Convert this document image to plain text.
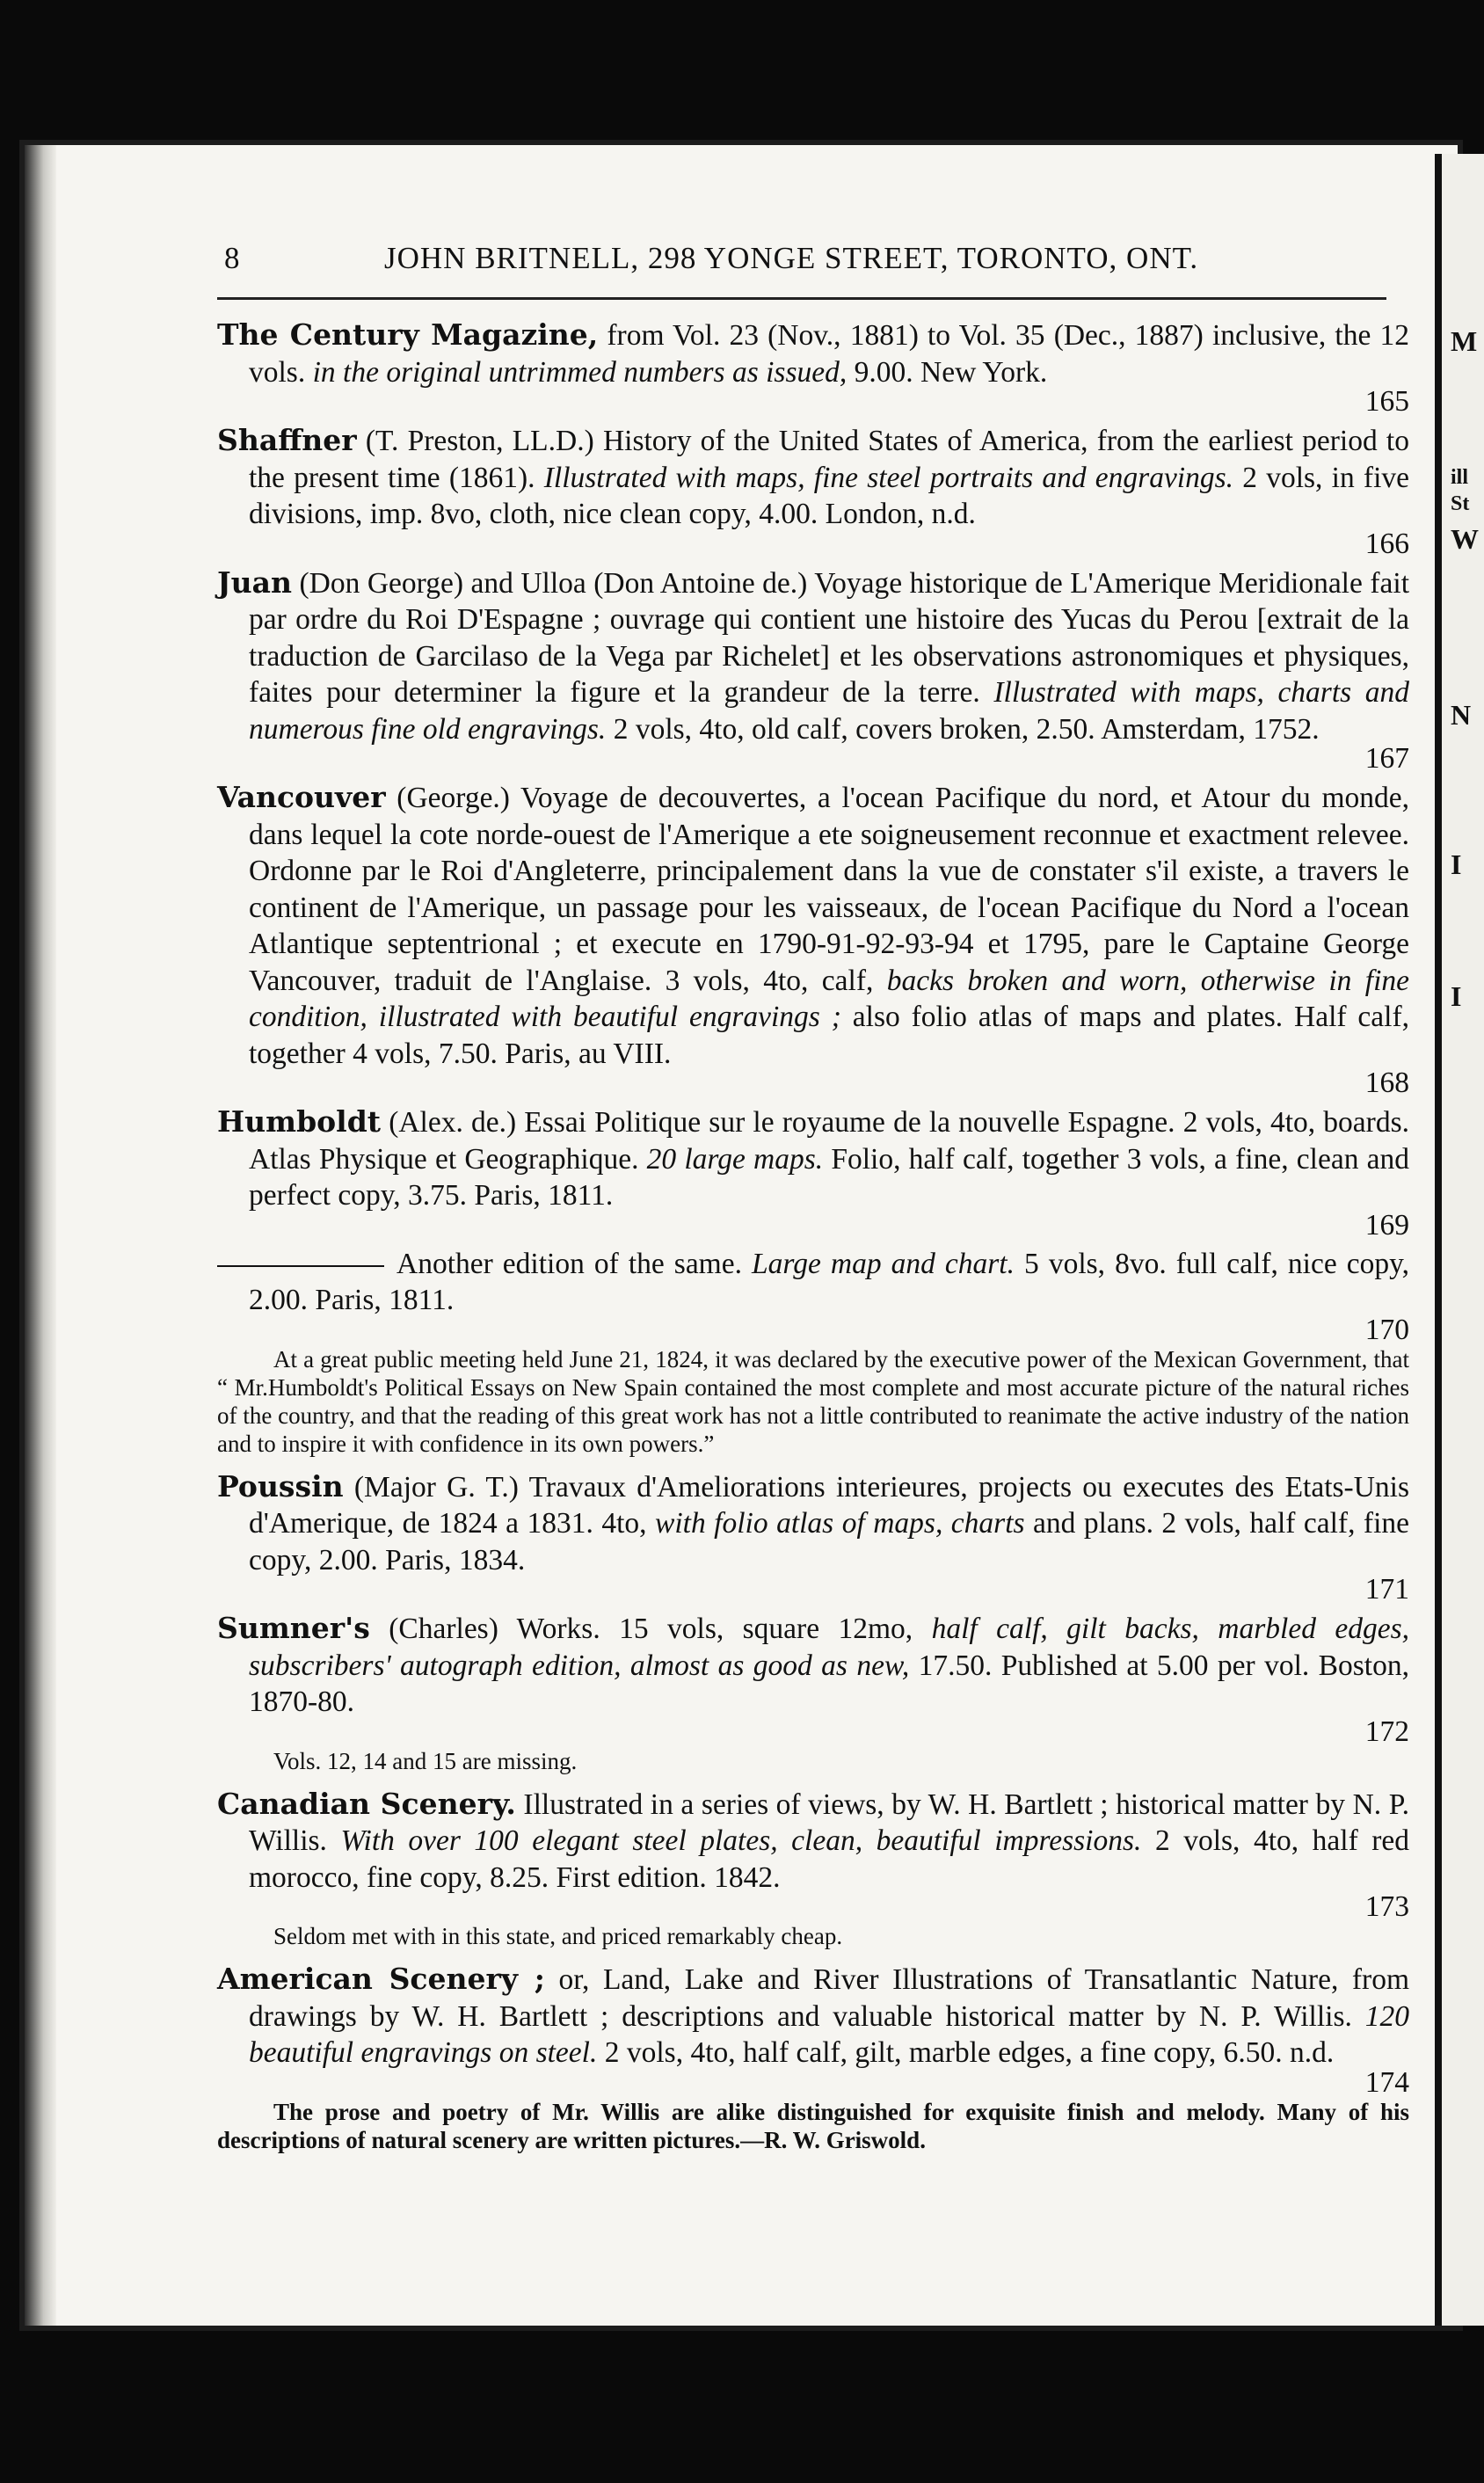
M
ill
St
W
N
I
I
8	JOHN BRITNELL, 298 YONGE STREET, TORONTO, ONT.
The Century Magazine, from Vol. 23 (Nov., 1881) to Vol. 35 (Dec., 1887) inclusive, the 12 vols. in the original untrimmed numbers as issued, 9.00. New York.
165
Shaffner (T. Preston, LL.D.) History of the United States of America, from the earliest period to the present time (1861). Illustrated with maps, fine steel portraits and engravings. 2 vols, in five divisions, imp. 8vo, cloth, nice clean copy, 4.00. London, n.d.
166
Juan (Don George) and Ulloa (Don Antoine de.) Voyage historique de L'Amerique Meridionale fait par ordre du Roi D'Espagne ; ouvrage qui contient une histoire des Yucas du Perou [extrait de la traduction de Garcilaso de la Vega par Richelet] et les observations astronomiques et physiques, faites pour determiner la figure et la grandeur de la terre. Illustrated with maps, charts and numerous fine old engravings. 2 vols, 4to, old calf, covers broken, 2.50. Amsterdam, 1752.
167
Vancouver (George.) Voyage de decouvertes, a l'ocean Pacifique du nord, et Atour du monde, dans lequel la cote norde-ouest de l'Amerique a ete soigneusement reconnue et exactment relevee. Ordonne par le Roi d'Angleterre, principalement dans la vue de constater s'il existe, a travers le continent de l'Amerique, un passage pour les vaisseaux, de l'ocean Pacifique du Nord a l'ocean Atlantique septentrional ; et execute en 1790-91-92-93-94 et 1795, pare le Captaine George Vancouver, traduit de l'Anglaise. 3 vols, 4to, calf, backs broken and worn, otherwise in fine condition, illustrated with beautiful engravings ; also folio atlas of maps and plates. Half calf, together 4 vols, 7.50. Paris, au VIII.
168
Humboldt (Alex. de.) Essai Politique sur le royaume de la nouvelle Espagne. 2 vols, 4to, boards. Atlas Physique et Geographique. 20 large maps. Folio, half calf, together 3 vols, a fine, clean and perfect copy, 3.75. Paris, 1811.
169
Another edition of the same. Large map and chart. 5 vols, 8vo. full calf, nice copy, 2.00. Paris, 1811.
170
At a great public meeting held June 21, 1824, it was declared by the executive power of the Mexican Government, that “ Mr.Humboldt's Political Essays on New Spain contained the most complete and most accurate picture of the natural riches of the country, and that the reading of this great work has not a little contributed to reanimate the active industry of the nation and to inspire it with confidence in its own powers.”
Poussin (Major G. T.) Travaux d'Ameliorations interieures, projects ou executes des Etats-Unis d'Amerique, de 1824 a 1831. 4to, with folio atlas of maps, charts and plans. 2 vols, half calf, fine copy, 2.00. Paris, 1834.
171
Sumner's (Charles) Works. 15 vols, square 12mo, half calf, gilt backs, marbled edges, subscribers' autograph edition, almost as good as new, 17.50. Published at 5.00 per vol. Boston, 1870-80.
172
Vols. 12, 14 and 15 are missing.
Canadian Scenery. Illustrated in a series of views, by W. H. Bartlett ; historical matter by N. P. Willis. With over 100 elegant steel plates, clean, beautiful impressions. 2 vols, 4to, half red morocco, fine copy, 8.25. First edition. 1842.
173
Seldom met with in this state, and priced remarkably cheap.
American Scenery ; or, Land, Lake and River Illustrations of Transatlantic Nature, from drawings by W. H. Bartlett ; descriptions and valuable historical matter by N. P. Willis. 120 beautiful engravings on steel. 2 vols, 4to, half calf, gilt, marble edges, a fine copy, 6.50. n.d.
174
The prose and poetry of Mr. Willis are alike distinguished for exquisite finish and melody. Many of his descriptions of natural scenery are written pictures.—R. W. Griswold.
